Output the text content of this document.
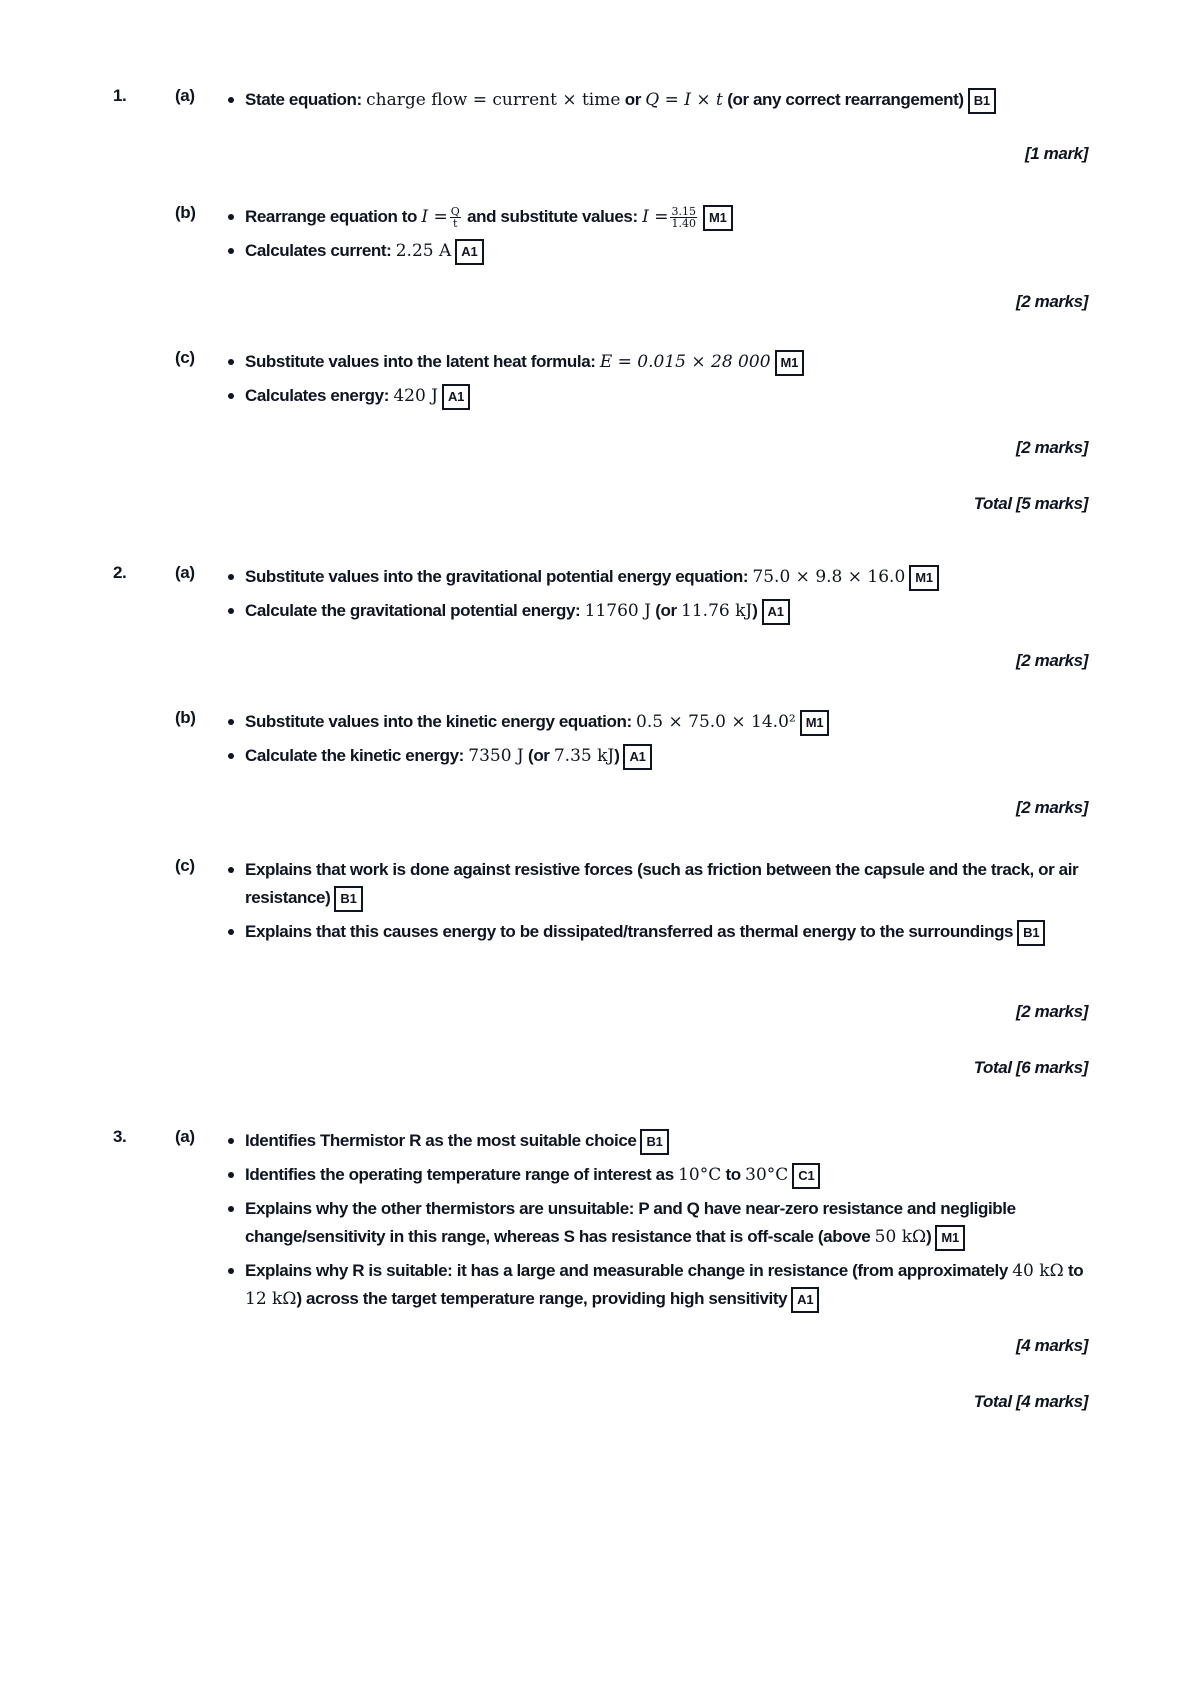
1.	(a)	State equation: charge flow = current × time or Q = I × t (or any correct rearrangement) B1
[1 mark]
(b)	Rearrange equation to $I = \frac{Q}{t}$ and substitute values: $I = \frac{3.15}{1.40} M1$
Calculates current: 2.25 A A1
[2 marks]
(c)	Substitute values into the latent heat formula: E = 0.015 × 28 000 M1
Calculates energy: 420 J A1
[2 marks]
Total [5 marks]
2.	(a)	Substitute values into the gravitational potential energy equation: 75.0 × 9.8 × 16.0 M1
Calculate the gravitational potential energy: 11760 J (or 11.76 kJ) A1
[2 marks]
(b)	Substitute values into the kinetic energy equation: 0.5 × 75.0 × 14.0² M1
Calculate the kinetic energy: 7350 J (or 7.35 kJ) A1
[2 marks]
(c)	Explains that work is done against resistive forces (such as friction between the capsule and the track, or air resistance) B1
Explains that this causes energy to be dissipated/transferred as thermal energy to the surroundings B1
[2 marks]
Total [6 marks]
3.	(a)	Identifies Thermistor R as the most suitable choice B1
Identifies the operating temperature range of interest as 10°C to 30°C C1
Explains why the other thermistors are unsuitable: P and Q have near-zero resistance and negligible change/sensitivity in this range, whereas S has resistance that is off-scale (above 50 kΩ) M1
Explains why R is suitable: it has a large and measurable change in resistance (from approximately 40 kΩ to 12 kΩ) across the target temperature range, providing high sensitivity A1
[4 marks]
Total [4 marks]
